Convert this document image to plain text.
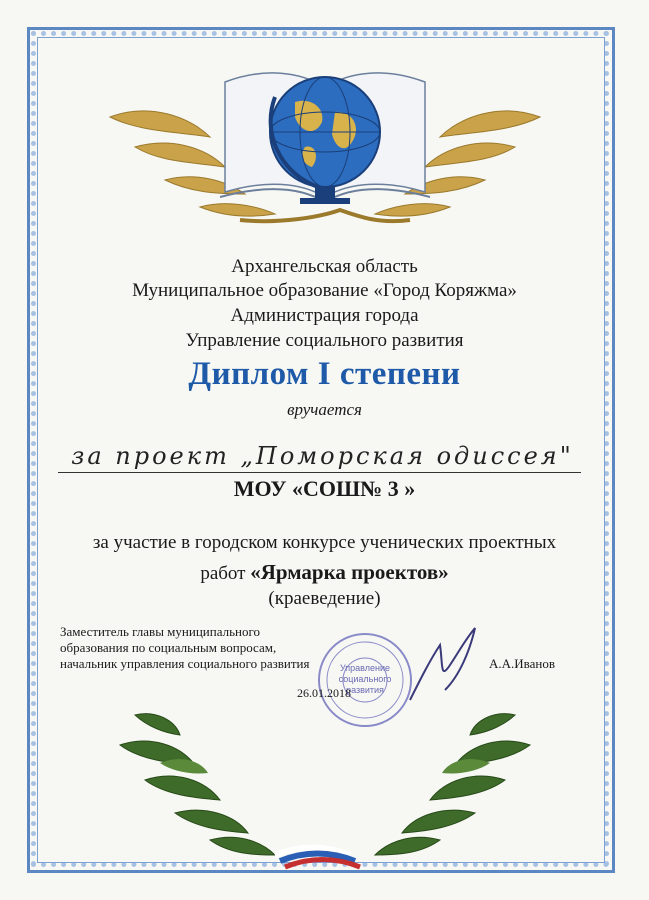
Архангельская область
Муниципальное образование «Город Коряжма»
Администрация города
Управление социального развития
Диплом I степени
вручается
за проект „Поморская одиссея"
МОУ «СОШ№ 3 »
за участие в городском конкурсе ученических проектных
работ «Ярмарка проектов»
(краеведение)
Заместитель главы муниципального
образования по социальным вопросам,
начальник управления социального развития	Управление социального развития
А.А.Иванов
26.01.2018
